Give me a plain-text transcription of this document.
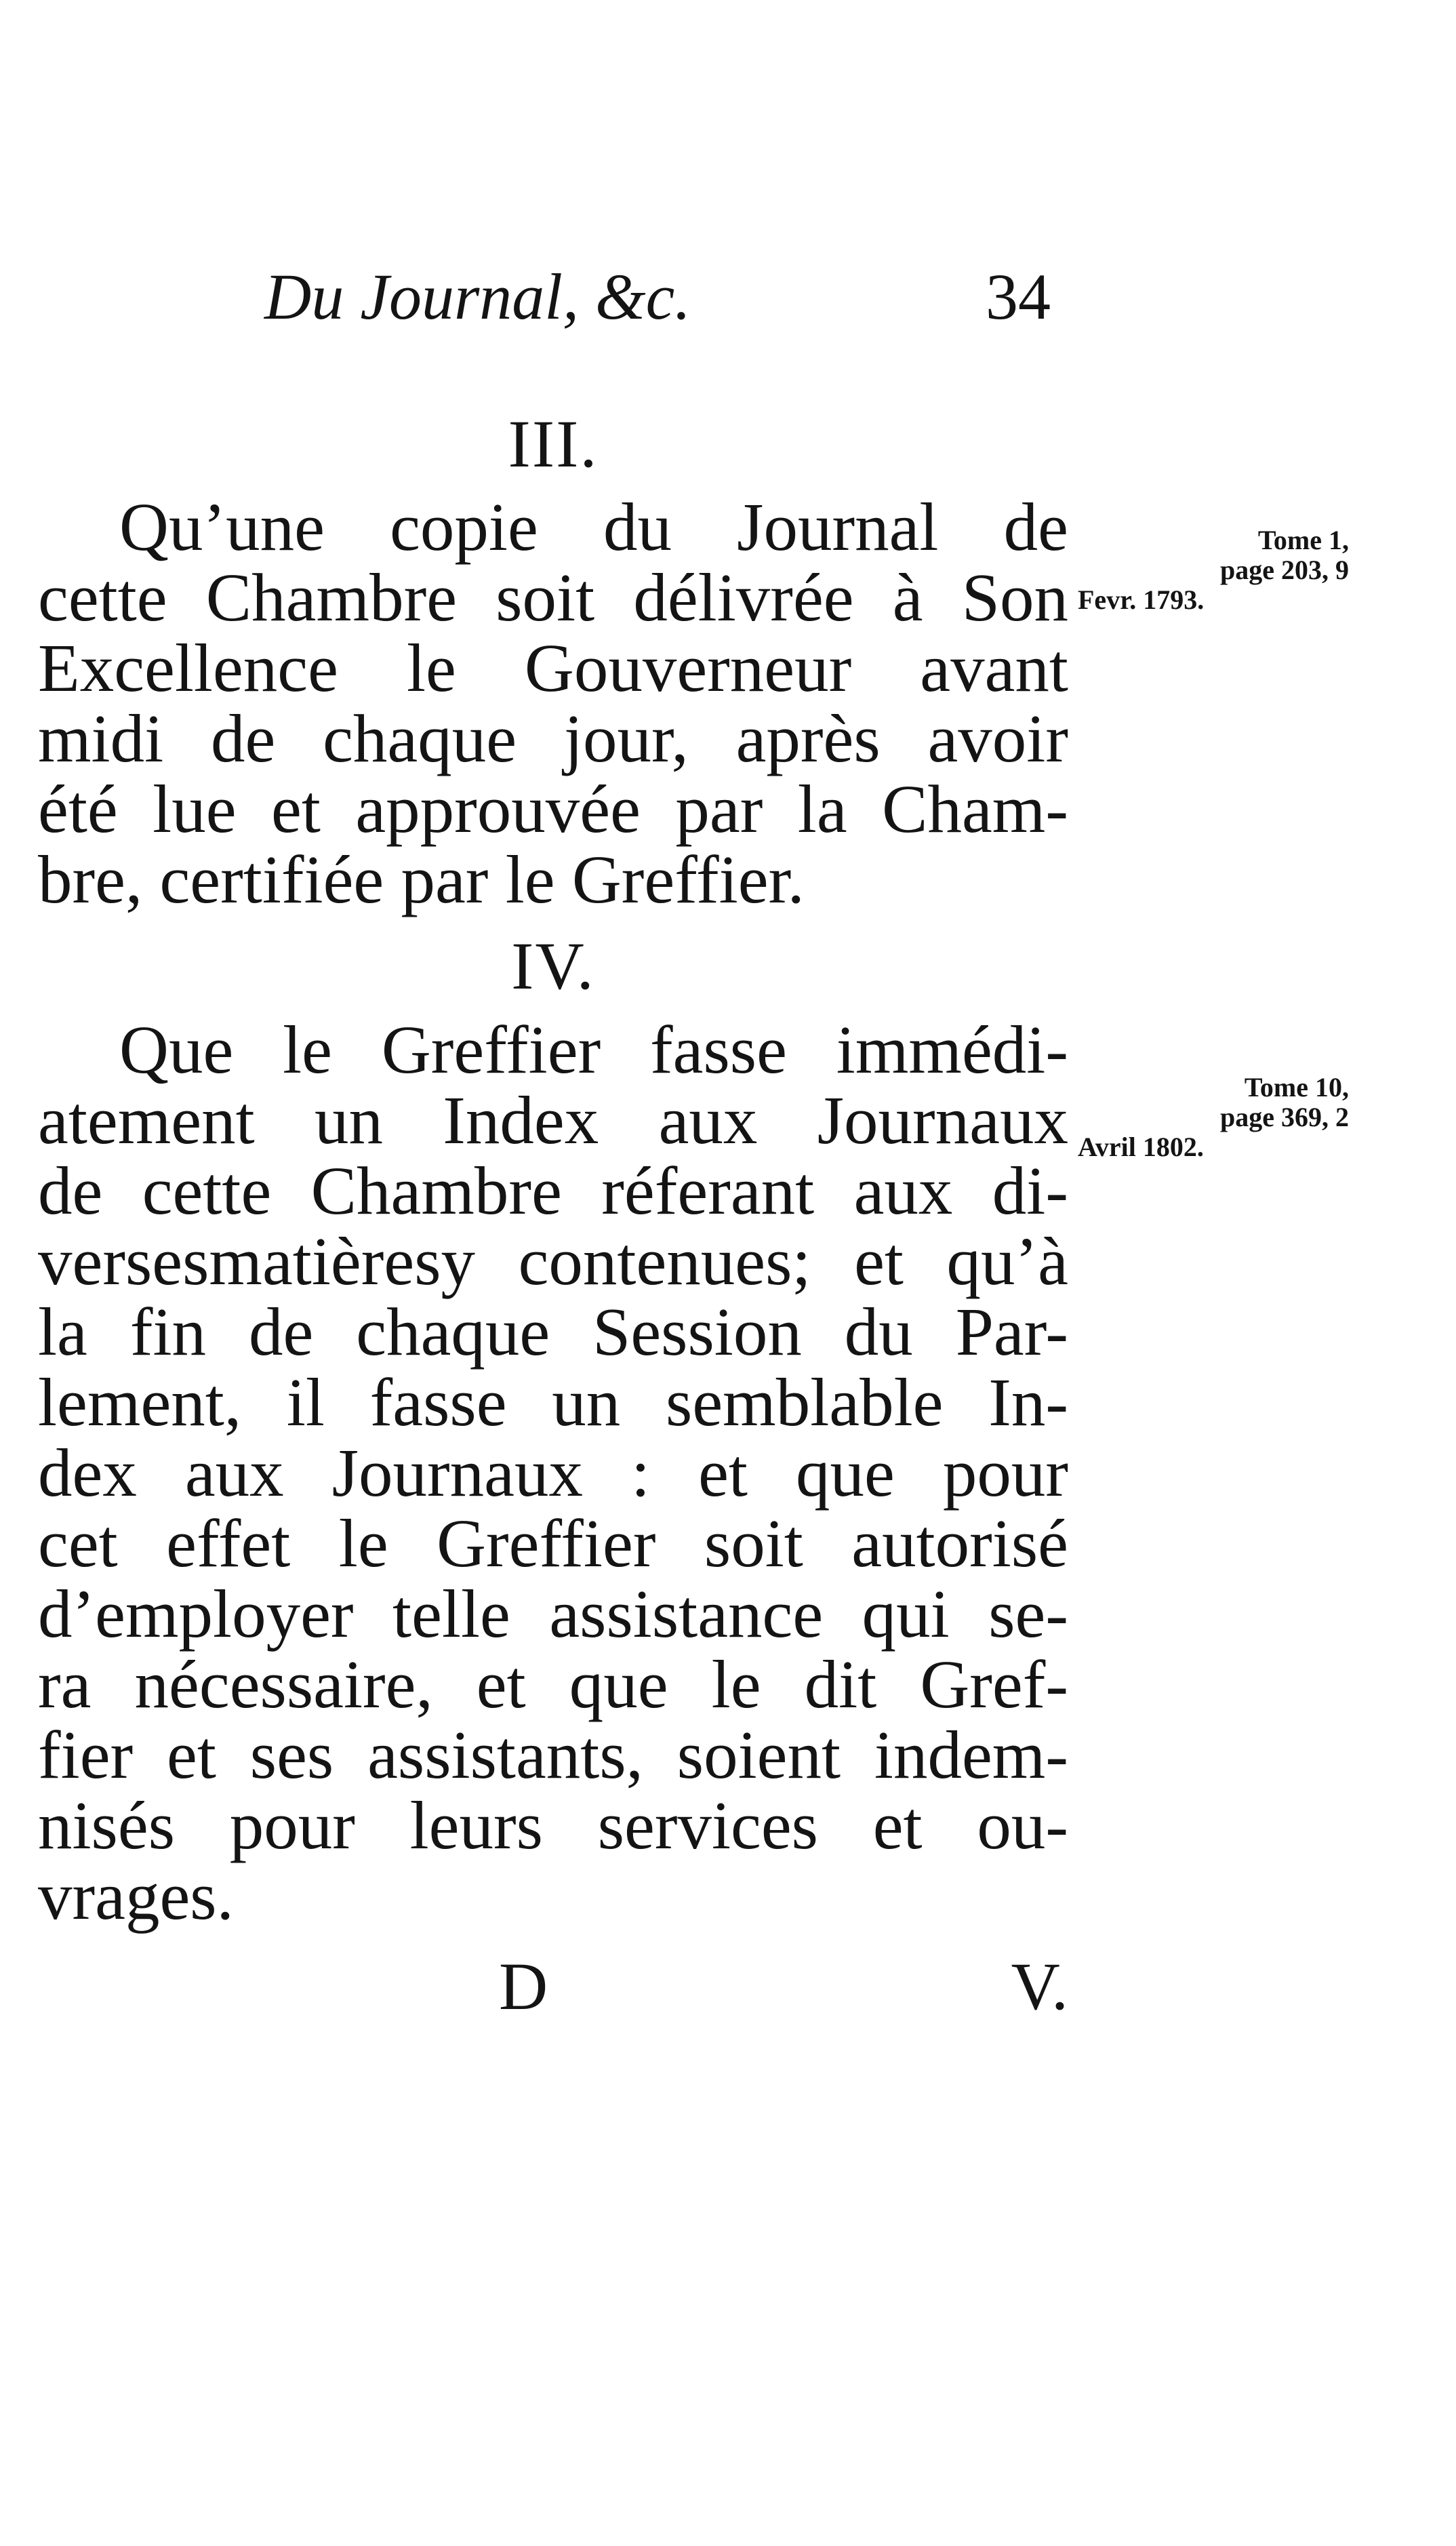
Du Journal, &c.	34
III.
Qu’une copie du Journal de
cette Chambre soit délivrée à Son
Excellence le Gouverneur avant
midi de chaque jour, après avoir
été lue et approuvée par la Cham-
bre, certifiée par le Greffier.
Tome 1,
page 203, 9
Fevr. 1793.
IV.
Que le Greffier fasse immédi-
atement un Index aux Journaux
de cette Chambre réferant aux di-
versesmatièresy contenues; et qu’à
la fin de chaque Session du Par-
lement, il fasse un semblable In-
dex aux Journaux : et que pour
cet effet le Greffier soit autorisé
d’employer telle assistance qui se-
ra nécessaire, et que le dit Gref-
fier et ses assistants, soient indem-
nisés pour leurs services et ou-
vrages.
Tome 10,
page 369, 2
Avril 1802.
D	V.
